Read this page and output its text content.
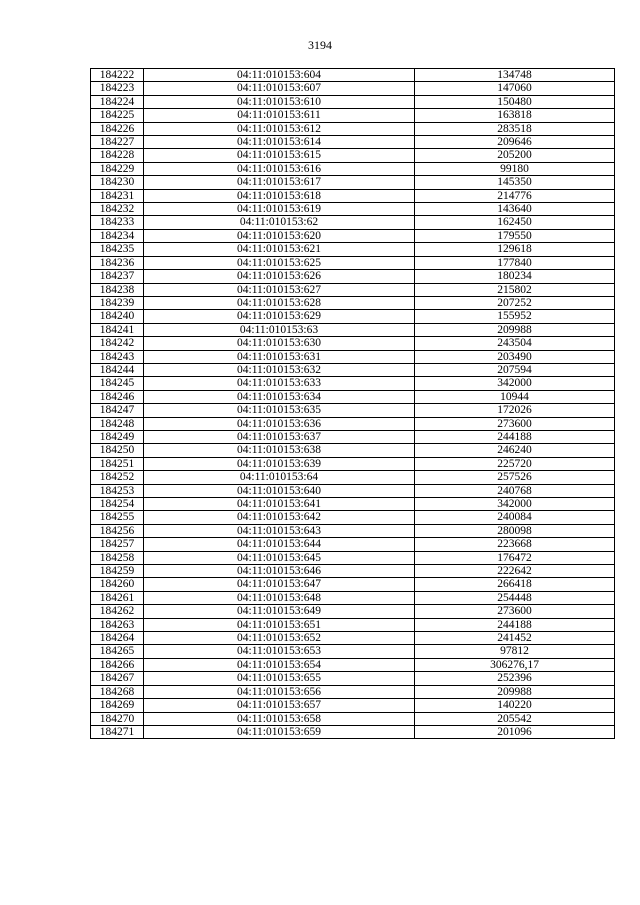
3194
184222	04:11:010153:604	134748
184223	04:11:010153:607	147060
184224	04:11:010153:610	150480
184225	04:11:010153:611	163818
184226	04:11:010153:612	283518
184227	04:11:010153:614	209646
184228	04:11:010153:615	205200
184229	04:11:010153:616	99180
184230	04:11:010153:617	145350
184231	04:11:010153:618	214776
184232	04:11:010153:619	143640
184233	04:11:010153:62	162450
184234	04:11:010153:620	179550
184235	04:11:010153:621	129618
184236	04:11:010153:625	177840
184237	04:11:010153:626	180234
184238	04:11:010153:627	215802
184239	04:11:010153:628	207252
184240	04:11:010153:629	155952
184241	04:11:010153:63	209988
184242	04:11:010153:630	243504
184243	04:11:010153:631	203490
184244	04:11:010153:632	207594
184245	04:11:010153:633	342000
184246	04:11:010153:634	10944
184247	04:11:010153:635	172026
184248	04:11:010153:636	273600
184249	04:11:010153:637	244188
184250	04:11:010153:638	246240
184251	04:11:010153:639	225720
184252	04:11:010153:64	257526
184253	04:11:010153:640	240768
184254	04:11:010153:641	342000
184255	04:11:010153:642	240084
184256	04:11:010153:643	280098
184257	04:11:010153:644	223668
184258	04:11:010153:645	176472
184259	04:11:010153:646	222642
184260	04:11:010153:647	266418
184261	04:11:010153:648	254448
184262	04:11:010153:649	273600
184263	04:11:010153:651	244188
184264	04:11:010153:652	241452
184265	04:11:010153:653	97812
184266	04:11:010153:654	306276,17
184267	04:11:010153:655	252396
184268	04:11:010153:656	209988
184269	04:11:010153:657	140220
184270	04:11:010153:658	205542
184271	04:11:010153:659	201096
